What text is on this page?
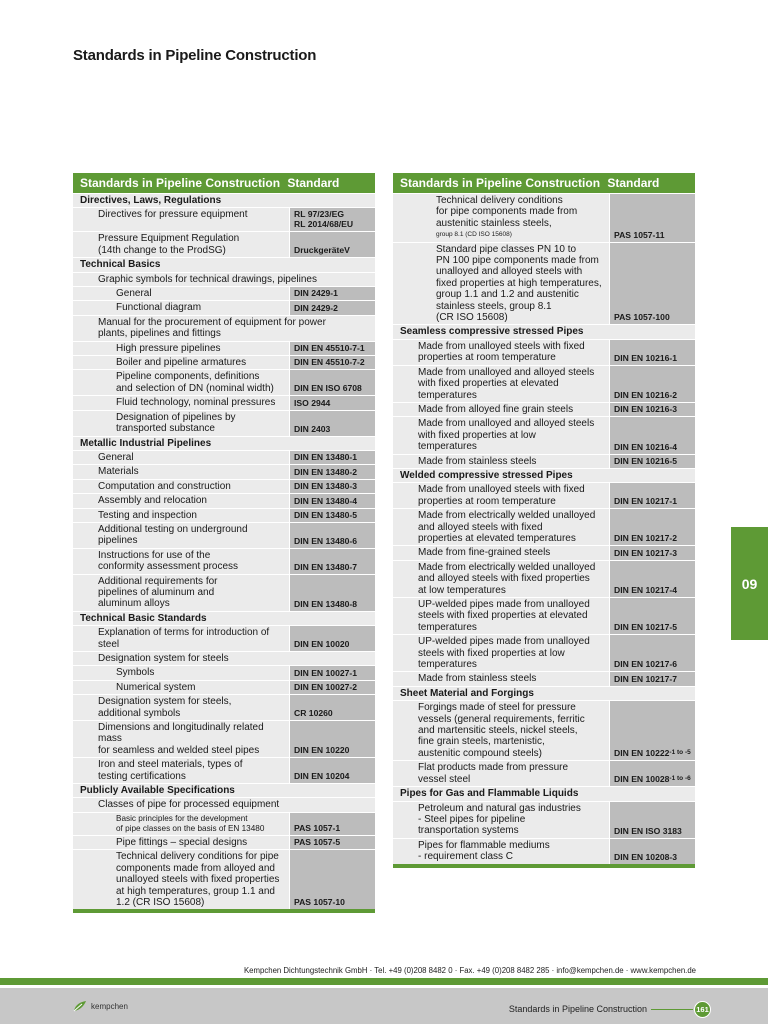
Standards in Pipeline Construction
Standards in Pipeline Construction Standard
Directives, Laws, Regulations
Directives for pressure equipment	RL 97/23/EG
RL 2014/68/EU
Pressure Equipment Regulation
(14th change to the ProdSG)	DruckgeräteV
Technical Basics
Graphic symbols for technical drawings, pipelines
General	DIN 2429-1
Functional diagram	DIN 2429-2
Manual for the procurement of equipment for power
plants, pipelines and fittings
High pressure pipelines	DIN EN 45510-7-1
Boiler and pipeline armatures	DIN EN 45510-7-2
Pipeline components, definitions
and selection of DN (nominal width) DIN EN ISO 6708
Fluid technology, nominal pressures ISO 2944
Designation of pipelines by
transported substance	DIN 2403
Metallic Industrial Pipelines
General	DIN EN 13480-1
Materials	DIN EN 13480-2
Computation and construction	DIN EN 13480-3
Assembly and relocation	DIN EN 13480-4
Testing and inspection	DIN EN 13480-5
Additional testing on underground
pipelines	DIN EN 13480-6
Instructions for use of the
conformity assessment process	DIN EN 13480-7
Additional requirements for
pipelines of aluminum and
aluminum alloys	DIN EN 13480-8
Technical Basic Standards
Explanation of terms for introduction of steel	DIN EN 10020
Designation system for steels
Symbols	DIN EN 10027-1
Numerical system	DIN EN 10027-2
Designation system for steels,
additional symbols	CR 10260
Dimensions and longitudinally related mass
for seamless and welded steel pipes	DIN EN 10220
Iron and steel materials, types of
testing certifications	DIN EN 10204
Publicly Available Specifications
Classes of pipe for processed equipment
Basic principles for the development
of pipe classes on the basis of EN 13480	PAS 1057-1
Pipe fittings – special designs	PAS 1057-5
Technical delivery conditions for pipe
components made from alloyed and
unalloyed steels with fixed properties
at high temperatures, group 1.1 and
1.2 (CR ISO 15608)	PAS 1057-10
Standards in Pipeline Construction Standard
Technical delivery conditions
for pipe components made from
austenitic stainless steels,
group 8.1 (CD ISO 15608)	PAS 1057-11
Standard pipe classes PN 10 to
PN 100 pipe components made from
unalloyed and alloyed steels with
fixed properties at high temperatures,
group 1.1 and 1.2 and austenitic
stainless steels, group 8.1
(CR ISO 15608)	PAS 1057-100
Seamless compressive stressed Pipes
Made from unalloyed steels with fixed
properties at room temperature	DIN EN 10216-1
Made from unalloyed and alloyed steels
with fixed properties at elevated
temperatures	DIN EN 10216-2
Made from alloyed fine grain steels	DIN EN 10216-3
Made from unalloyed and alloyed steels
with fixed properties at low
temperatures	DIN EN 10216-4
Made from stainless steels	DIN EN 10216-5
Welded compressive stressed Pipes
Made from unalloyed steels with fixed
properties at room temperature	DIN EN 10217-1
Made from electrically welded unalloyed
and alloyed steels with fixed
properties at elevated temperatures	DIN EN 10217-2
Made from fine-grained steels	DIN EN 10217-3
Made from electrically welded unalloyed
and alloyed steels with fixed properties
at low temperatures	DIN EN 10217-4
UP-welded pipes made from unalloyed
steels with fixed properties at elevated
temperatures	DIN EN 10217-5
UP-welded pipes made from unalloyed
steels with fixed properties at low
temperatures	DIN EN 10217-6
Made from stainless steels	DIN EN 10217-7
Sheet Material and Forgings
Forgings made of steel for pressure
vessels (general requirements, ferritic
and martensitic steels, nickel steels,
fine grain steels, martenistic,
austenitic compound steels)	DIN EN 10222 -1 to -5
Flat products made from pressure
vessel steel	DIN EN 10028 -1 to -6
Pipes for Gas and Flammable Liquids
Petroleum and natural gas industries
- Steel pipes for pipeline
transportation systems	DIN EN ISO 3183
Pipes for flammable mediums
- requirement class C	DIN EN 10208-3
09
Kempchen Dichtungstechnik GmbH · Tel. +49 (0)208 8482 0 · Fax. +49 (0)208 8482 285 · info@kempchen.de · www.kempchen.de
kempchen	Standards in Pipeline Construction	161
